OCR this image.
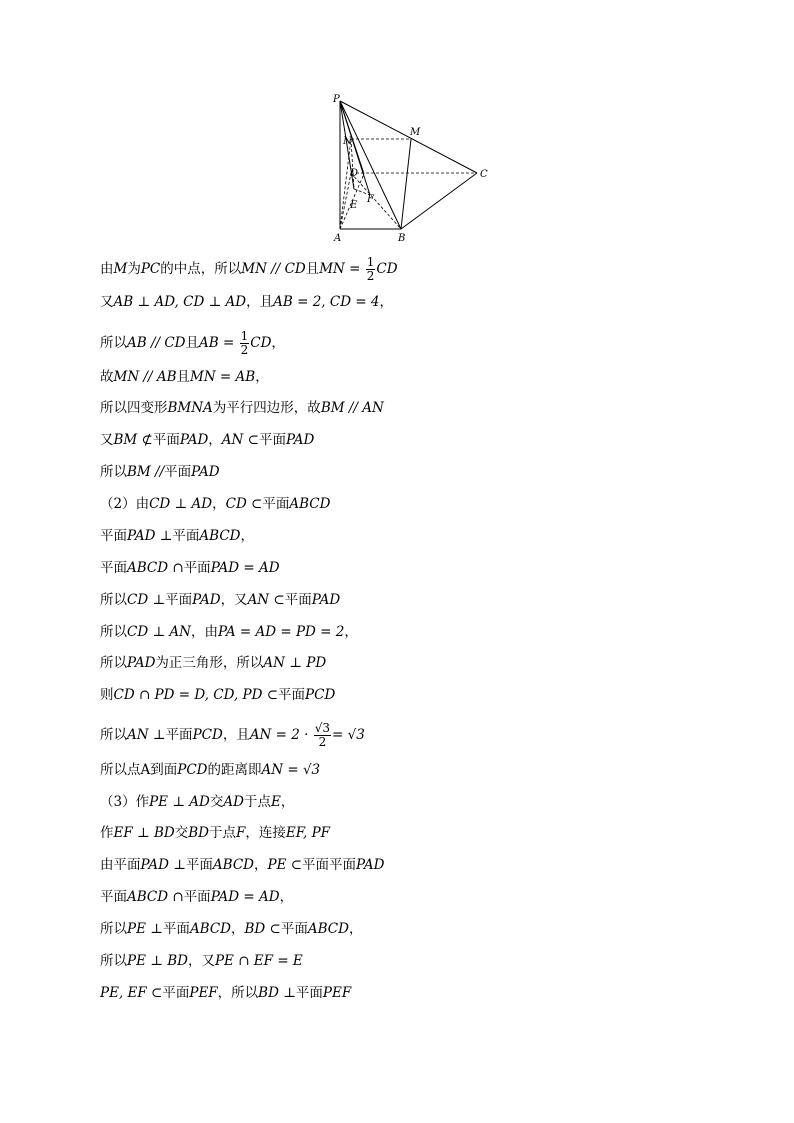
P
M
N
D	C
F
E
A	B
由M为PC的中点，所以MN // CD且MN = $\frac{1}{2}$ CD
又AB ⊥ AD, CD ⊥ AD，且AB = 2, CD = 4，
所以AB // CD且AB = $\frac{1}{2}$ CD，
故MN // AB且MN = AB，
所以四变形BMNA为平行四边形，故BM // AN
又BM ⊄平面PAD，AN ⊂平面PAD
所以BM //平面PAD
（2）由CD ⊥ AD，CD ⊂平面ABCD
平面PAD ⊥平面ABCD，
平面ABCD ∩平面PAD = AD
所以CD ⊥平面PAD，又AN ⊂平面PAD
所以CD ⊥ AN，由PA = AD = PD = 2，
所以PAD为正三角形，所以AN ⊥ PD
则CD ∩ PD = D, CD, PD ⊂平面PCD
所以AN ⊥平面PCD，且AN = $2 \cdot \frac{√3}{2} = √3$
所以点A到面PCD的距离即AN = √3
（3）作PE ⊥ AD交AD于点E，
作EF ⊥ BD交BD于点F，连接EF, PF
由平面PAD ⊥平面ABCD，PE ⊂平面平面PAD
平面ABCD ∩平面PAD = AD，
所以PE ⊥平面ABCD，BD ⊂平面ABCD，
所以PE ⊥ BD，又PE ∩ EF = E
PE, EF ⊂平面PEF，所以BD ⊥平面PEF
